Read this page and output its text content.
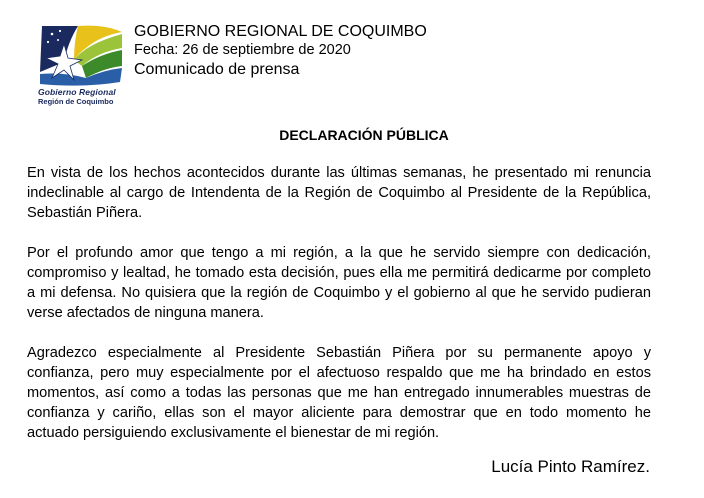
Gobierno Regional
Región de Coquimbo
GOBIERNO REGIONAL DE COQUIMBO
Fecha: 26 de septiembre de 2020
Comunicado de prensa
DECLARACIÓN PÚBLICA

En vista de los hechos acontecidos durante las últimas semanas, he presentado mi renuncia indeclinable al cargo de Intendenta de la Región de Coquimbo al Presidente de la República, Sebastián Piñera.

Por el profundo amor que tengo a mi región, a la que he servido siempre con dedicación, compromiso y lealtad, he tomado esta decisión, pues ella me permitirá dedicarme por completo a mi defensa. No quisiera que la región de Coquimbo y el gobierno al que he servido pudieran verse afectados de ninguna manera.

Agradezco especialmente al Presidente Sebastián Piñera por su permanente apoyo y confianza, pero muy especialmente por el afectuoso respaldo que me ha brindado en estos momentos, así como a todas las personas que me han entregado innumerables muestras de confianza y cariño, ellas son el mayor aliciente para demostrar que en todo momento he actuado persiguiendo exclusivamente el bienestar de mi región.

Lucía Pinto Ramírez.
